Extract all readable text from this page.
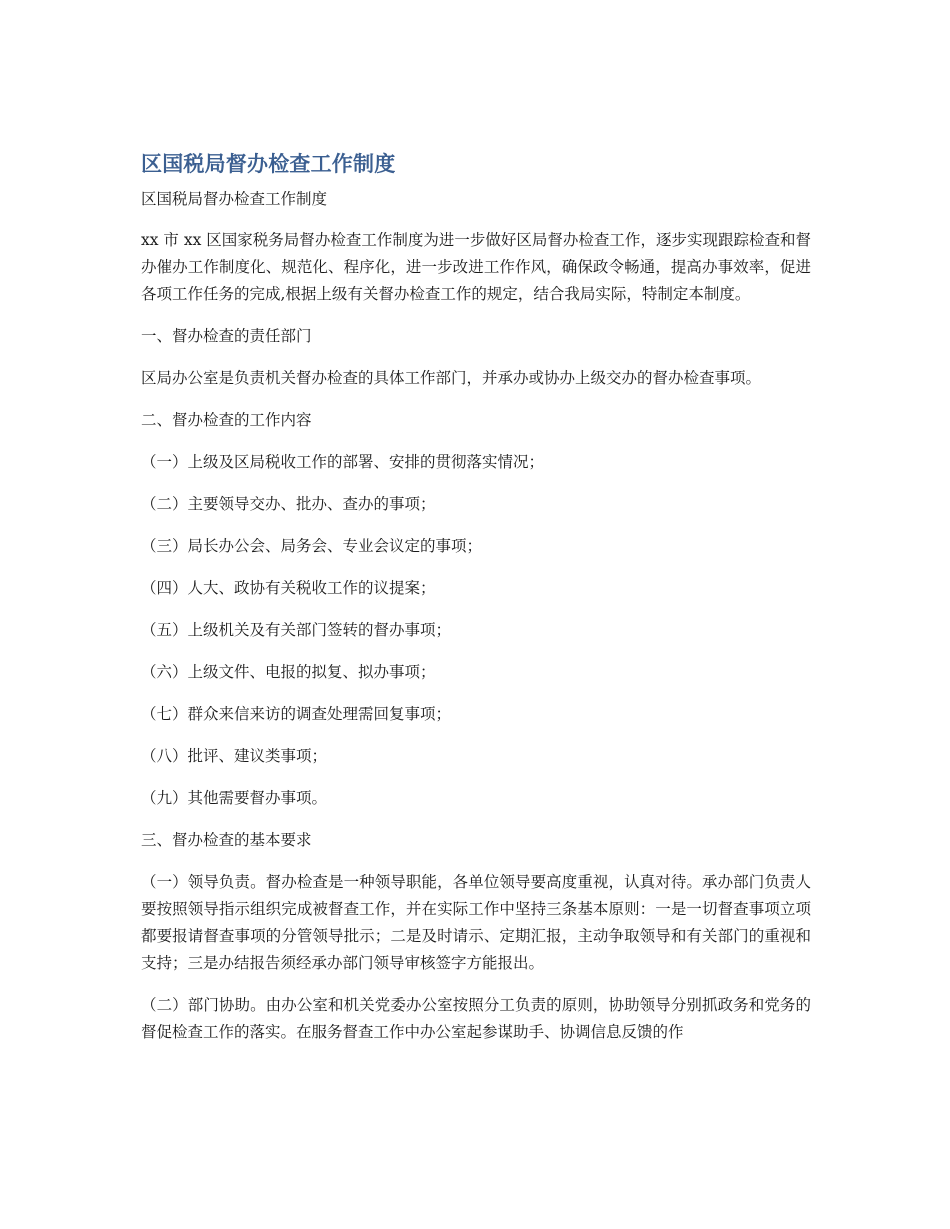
区国税局督办检查工作制度

区国税局督办检查工作制度

xx 市 xx 区国家税务局督办检查工作制度为进一步做好区局督办检查工作，逐步实现跟踪检查和督办催办工作制度化、规范化、程序化，进一步改进工作作风，确保政令畅通，提高办事效率，促进各项工作任务的完成,根据上级有关督办检查工作的规定，结合我局实际，特制定本制度。

一、督办检查的责任部门

区局办公室是负责机关督办检查的具体工作部门，并承办或协办上级交办的督办检查事项。

二、督办检查的工作内容

（一）上级及区局税收工作的部署、安排的贯彻落实情况；

（二）主要领导交办、批办、查办的事项；

（三）局长办公会、局务会、专业会议定的事项；

（四）人大、政协有关税收工作的议提案；

（五）上级机关及有关部门签转的督办事项；

（六）上级文件、电报的拟复、拟办事项；

（七）群众来信来访的调查处理需回复事项；

（八）批评、建议类事项；

（九）其他需要督办事项。

三、督办检查的基本要求

（一）领导负责。督办检查是一种领导职能，各单位领导要高度重视，认真对待。承办部门负责人要按照领导指示组织完成被督查工作，并在实际工作中坚持三条基本原则：一是一切督查事项立项都要报请督查事项的分管领导批示；二是及时请示、定期汇报，主动争取领导和有关部门的重视和支持；三是办结报告须经承办部门领导审核签字方能报出。

（二）部门协助。由办公室和机关党委办公室按照分工负责的原则，协助领导分别抓政务和党务的督促检查工作的落实。在服务督查工作中办公室起参谋助手、协调信息反馈的作
